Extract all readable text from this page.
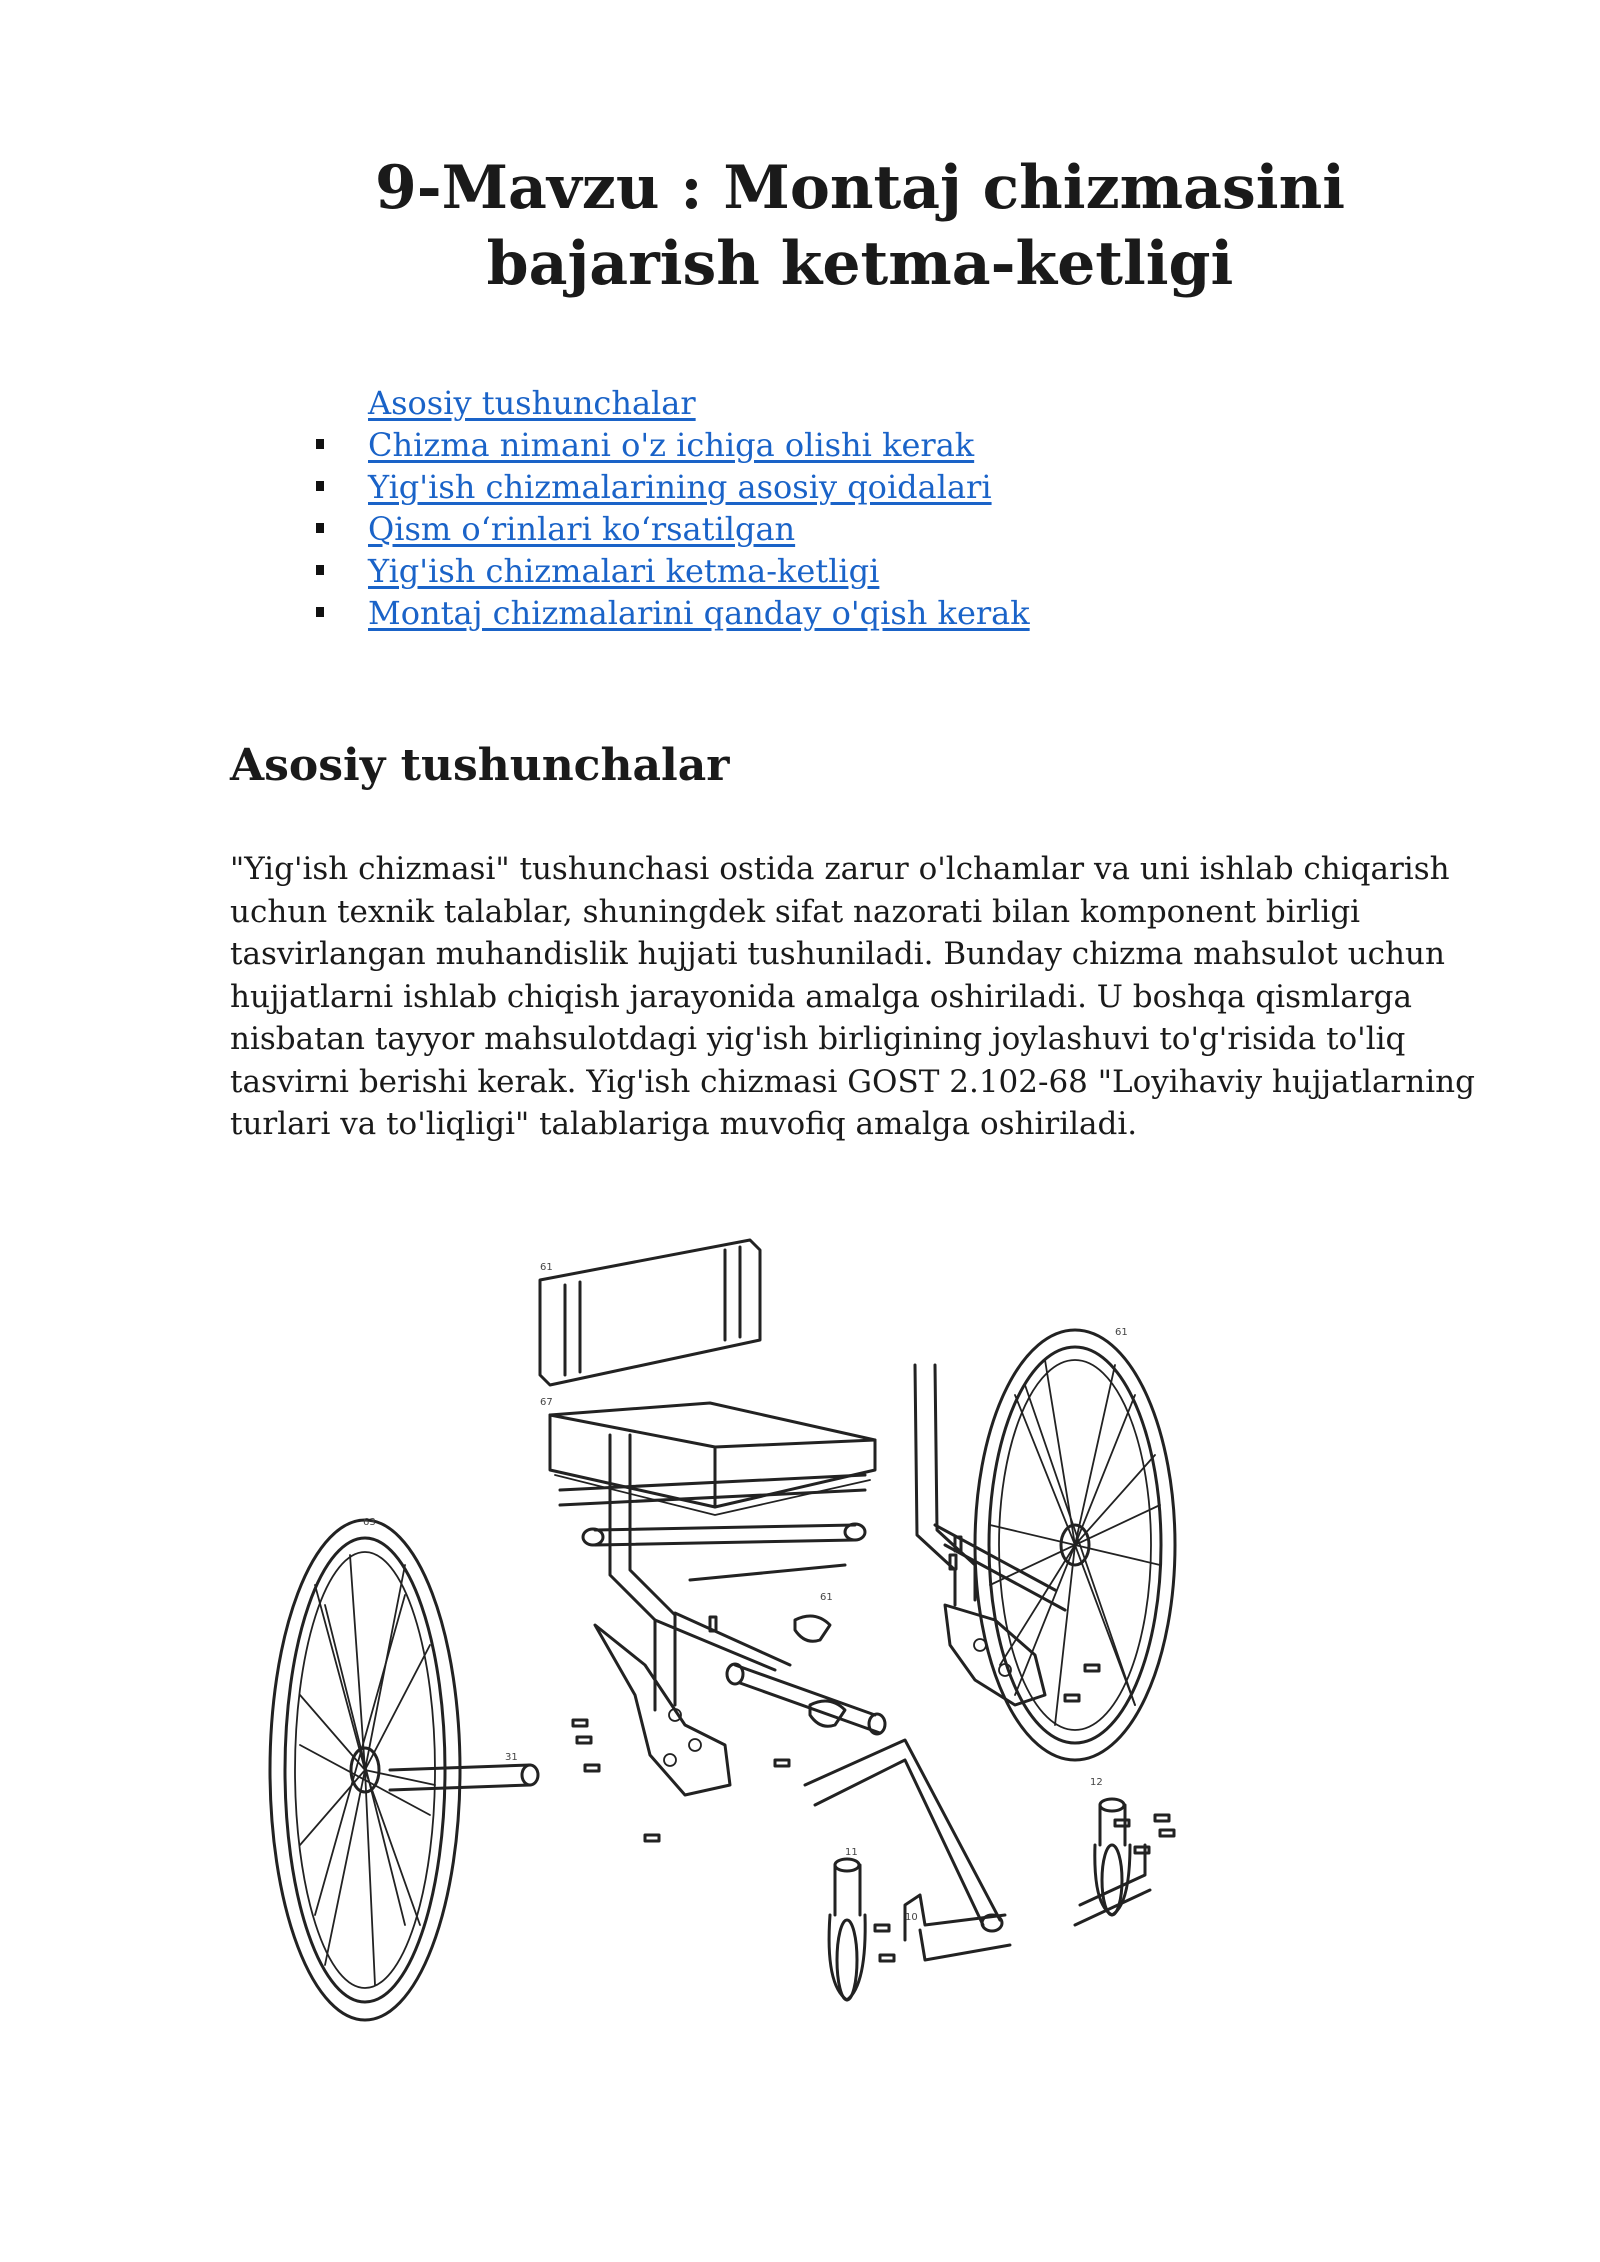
9-Mavzu : Montaj chizmasini bajarish ketma-ketligi
Asosiy tushunchalar
Chizma nimani o'z ichiga olishi kerak
Yig'ish chizmalarining asosiy qoidalari
Qism o‘rinlari ko‘rsatilgan
Yig'ish chizmalari ketma-ketligi
Montaj chizmalarini qanday o'qish kerak
Asosiy tushunchalar

"Yig'ish chizmasi" tushunchasi ostida zarur o'lchamlar va uni ishlab chiqarish uchun texnik talablar, shuningdek sifat nazorati bilan komponent birligi tasvirlangan muhandislik hujjati tushuniladi. Bunday chizma mahsulot uchun hujjatlarni ishlab chiqish jarayonida amalga oshiriladi. U boshqa qismlarga nisbatan tayyor mahsulotdagi yig'ish birligining joylashuvi to'g'risida to'liq tasvirni berishi kerak. Yig'ish chizmasi GOST 2.102-68 "Loyihaviy hujjatlarning turlari va to'liqligi" talablariga muvofiq amalga oshiriladi.

61
67
63
61
31
11
12
61
10
